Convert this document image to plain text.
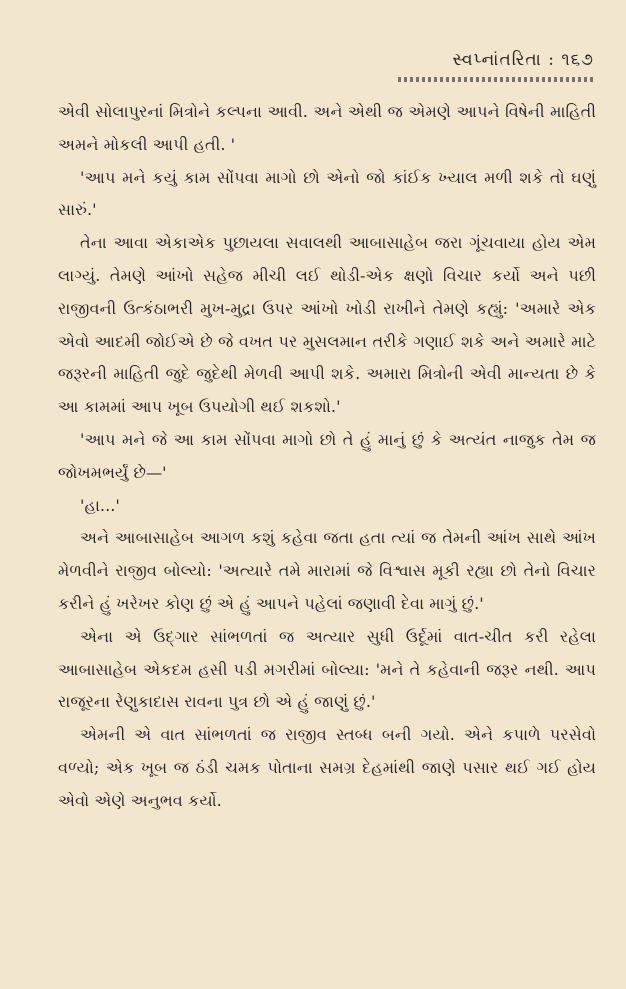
સ્વપ્નાંતરિતા : ૧૬૭

એવી સોલાપુરનાં મિત્રોને કલ્પના આવી. અને એથી જ એમણે આપને વિષેની માહિતી અમને મોકલી આપી હતી. '

'આપ મને કયું કામ સોંપવા માગો છો એનો જો કાંઈક ખ્યાલ મળી શકે તો ઘણું સારું.'

તેના આવા એકાએક પુછાયલા સવાલથી આબાસાહેબ જરા ગૂંચવાયા હોય એમ લાગ્યું. તેમણે આંખો સહેજ મીચી લઈ થોડી-એક ક્ષણો વિચાર કર્યો અને પછી રાજીવની ઉત્કંઠાભરી મુખ-મુદ્રા ઉપર આંખો ખોડી રાખીને તેમણે કહ્યું: 'અમારે એક એવો આદમી જોઈએ છે જે વખત પર મુસલમાન તરીકે ગણાઈ શકે અને અમારે માટે જરૂરની માહિતી જુદે જુદેથી મેળવી આપી શકે. અમારા મિત્રોની એવી માન્યતા છે કે આ કામમાં આપ ખૂબ ઉપયોગી થઈ શકશો.'

'આપ મને જે આ કામ સોંપવા માગો છો તે હું માનું છું કે અત્યંત નાજુક તેમ જ જોખમભર્યું છે—'

'હા...'

અને આબાસાહેબ આગળ કશું કહેવા જતા હતા ત્યાં જ તેમની આંખ સાથે આંખ મેળવીને રાજીવ બોલ્યો: 'અત્યારે તમે મારામાં જે વિશ્વાસ મૂકી રહ્યા છો તેનો વિચાર કરીને હું ખરેખર કોણ છું એ હું આપને પહેલાં જણાવી દેવા માગું છું.'

એના એ ઉદ્ગાર સાંભળતાં જ અત્યાર સુધી ઉર્દૂમાં વાત-ચીત કરી રહેલા આબાસાહેબ એકદમ હસી પડી મગરીમાં બોલ્યા: 'મને તે કહેવાની જરૂર નથી. આપ રાજૂરના રેણુકાદાસ રાવના પુત્ર છો એ હું જાણું છું.'

એમની એ વાત સાંભળતાં જ રાજીવ સ્તબ્ધ બની ગયો. એને કપાળે પરસેવો વળ્યો; એક ખૂબ જ ઠંડી ચમક પોતાના સમગ્ર દેહમાંથી જાણે પસાર થઈ ગઈ હોય એવો એણે અનુભવ કર્યો.
